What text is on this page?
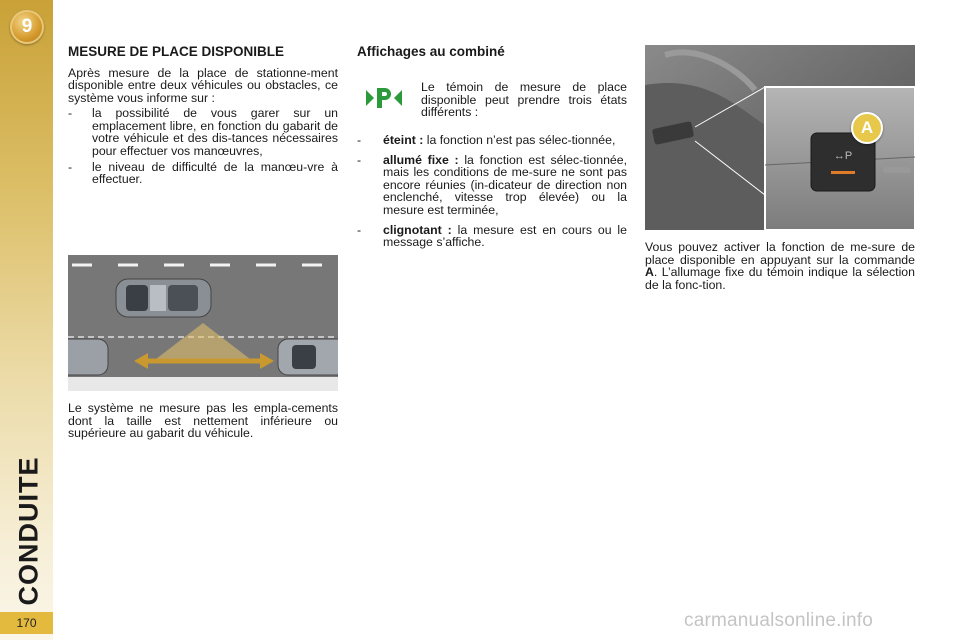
9
CONDUITE
170
MESURE DE PLACE DISPONIBLE

Après mesure de la place de stationne-ment disponible entre deux véhicules ou obstacles, ce système vous informe sur :

- la possibilité de vous garer sur un emplacement libre, en fonction du gabarit de votre véhicule et des dis-tances nécessaires pour effectuer vos manœuvres,
- le niveau de difficulté de la manœu-vre à effectuer.

Le système ne mesure pas les empla-cements dont la taille est nettement inférieure ou supérieure au gabarit du véhicule.

Affichages au combiné

Le témoin de mesure de place disponible peut prendre trois états différents :

- éteint : la fonction n’est pas sélec-tionnée,
- allumé fixe : la fonction est sélec-tionnée, mais les conditions de me-sure ne sont pas encore réunies (in-dicateur de direction non enclenché, vitesse trop élevée) ou la mesure est terminée,
- clignotant : la mesure est en cours ou le message s’affiche.
↔P
A

Vous pouvez activer la fonction de me-sure de place disponible en appuyant sur la commande A. L’allumage fixe du témoin indique la sélection de la fonc-tion.

carmanualsonline.info
